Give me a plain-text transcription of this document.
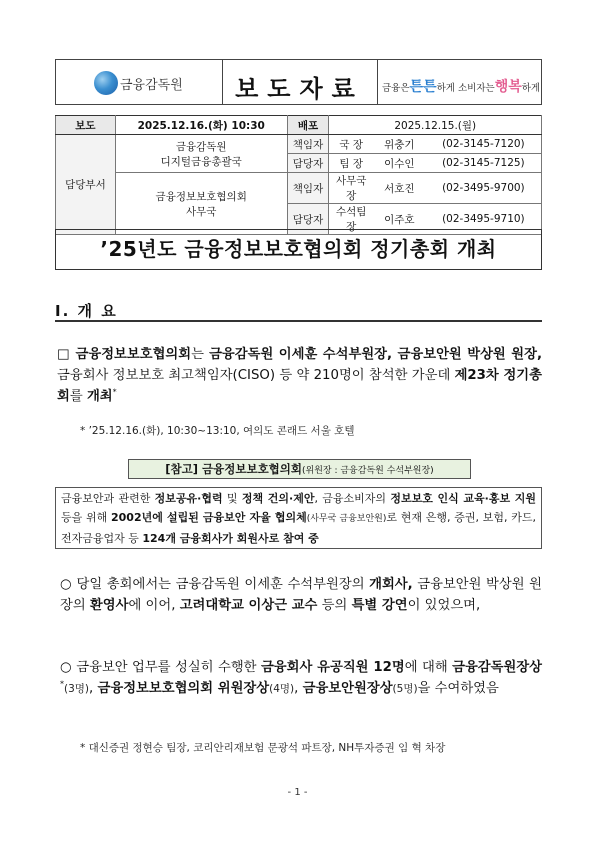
금융감독원	보도자료	금융은튼튼하게 소비자는행복하게
보도	2025.12.16.(화) 10:30	배포	2025.12.15.(월)		
담당부서	금융감독원
디지털금융총괄국	책임자	국 장	위충기	(02-3145-7120)
		담당자	팀 장	이수인	(02-3145-7125)

	금융정보보호협의회
사무국	책임자	사무국장	서호진	(02-3495-9700)
		담당자	수석팀장	이주호	(02-3495-9710)
’25년도 금융정보보호협의회 정기총회 개최
Ⅰ. 개 요
□ 금융정보보호협의회는 금융감독원 이세훈 수석부원장, 금융보안원 박상원 원장, 금융회사 정보보호 최고책임자(CISO) 등 약 210명이 참석한 가운데 제23차 정기총회를 개최*
* ’25.12.16.(화), 10:30~13:10, 여의도 콘래드 서울 호텔
[참고] 금융정보보호협의회(위원장 : 금융감독원 수석부원장)
금융보안과 관련한 정보공유·협력 및 정책 건의·제안, 금융소비자의 정보보호 인식 교육·홍보 지원 등을 위해 2002년에 설립된 금융보안 자율 협의체(사무국 금융보안원)로 현재 은행, 증권, 보험, 카드, 전자금융업자 등 124개 금융회사가 회원사로 참여 중
○ 당일 총회에서는 금융감독원 이세훈 수석부원장의 개회사, 금융보안원 박상원 원장의 환영사에 이어, 고려대학교 이상근 교수 등의 특별 강연이 있었으며,
○ 금융보안 업무를 성실히 수행한 금융회사 유공직원 12명에 대해 금융감독원장상*(3명), 금융정보보호협의회 위원장상(4명), 금융보안원장상(5명)을 수여하였음
* 대신증권 정현승 팀장, 코리안리재보험 문광석 파트장, NH투자증권 임 혁 차장
- 1 -
